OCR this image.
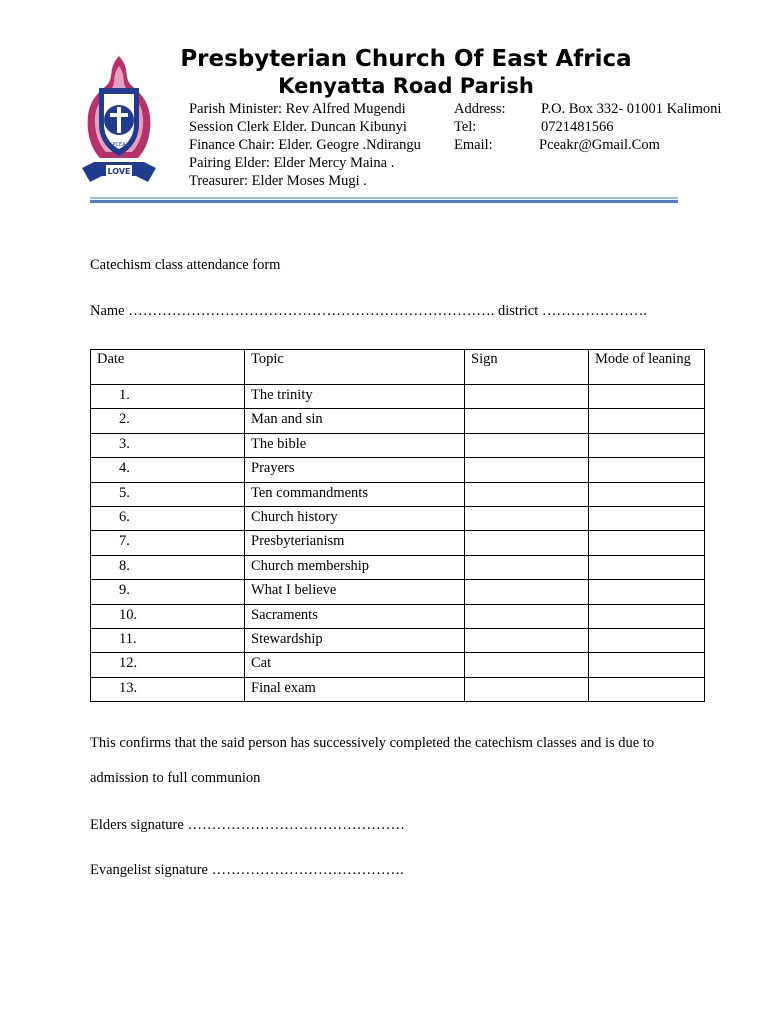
LOVE
PCEA
Presbyterian Church Of East Africa
Kenyatta Road Parish
Parish Minister: Rev Alfred Mugendi
Session Clerk Elder. Duncan Kibunyi
Finance Chair: Elder. Geogre .Ndirangu
Pairing Elder: Elder Mercy Maina .
Treasurer: Elder Moses Mugi .
Address:
Tel:
Email:
P.O. Box 332- 01001 Kalimoni
0721481566
Pceakr@Gmail.Com
Catechism class attendance form
Name …………………………………………………………………. district ………………….
Date	Topic	Sign	Mode of leaning
1.	The trinity		
2.	Man and sin		
3.	The bible		
4.	Prayers		
5.	Ten commandments		
6.	Church history		
7.	Presbyterianism		
8.	Church membership		
9.	What I believe		
10.	Sacraments		
11.	Stewardship		
12.	Cat		
13.	Final exam		
This confirms that the said person has successively completed the catechism classes and is due to
admission to full communion
Elders signature ………………………………………
Evangelist signature ………………………………….
